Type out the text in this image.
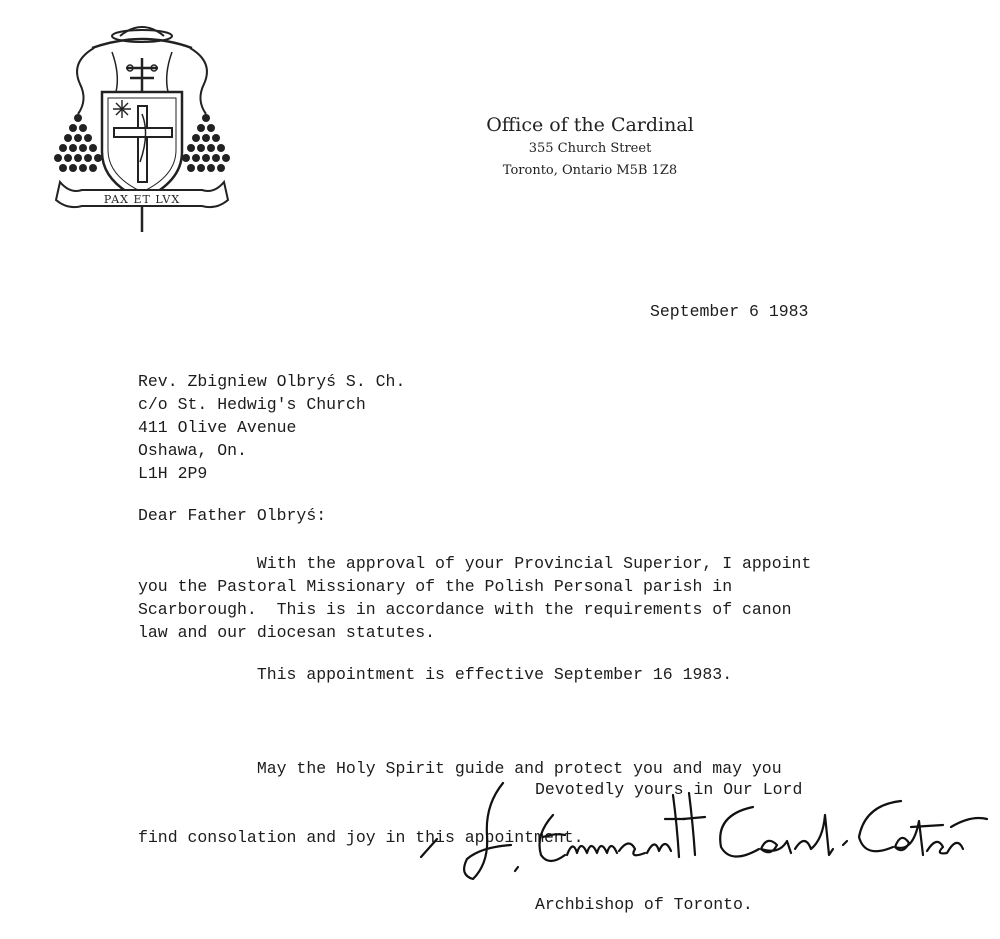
PAX ET LVX
Office of the Cardinal
355 Church Street
Toronto, Ontario M5B 1Z8
September 6 1983
Rev. Zbigniew Olbryś S. Ch.
c/o St. Hedwig's Church
411 Olive Avenue
Oshawa, On.
L1H 2P9
Dear Father Olbryś:
With the approval of your Provincial Superior, I appoint
you the Pastoral Missionary of the Polish Personal parish in
Scarborough.  This is in accordance with the requirements of canon
law and our diocesan statutes.
This appointment is effective September 16 1983.

May the Holy Spirit guide and protect you and may you

find consolation and joy in this appointment.

Devotedly yours in Our Lord
Archbishop of Toronto.
